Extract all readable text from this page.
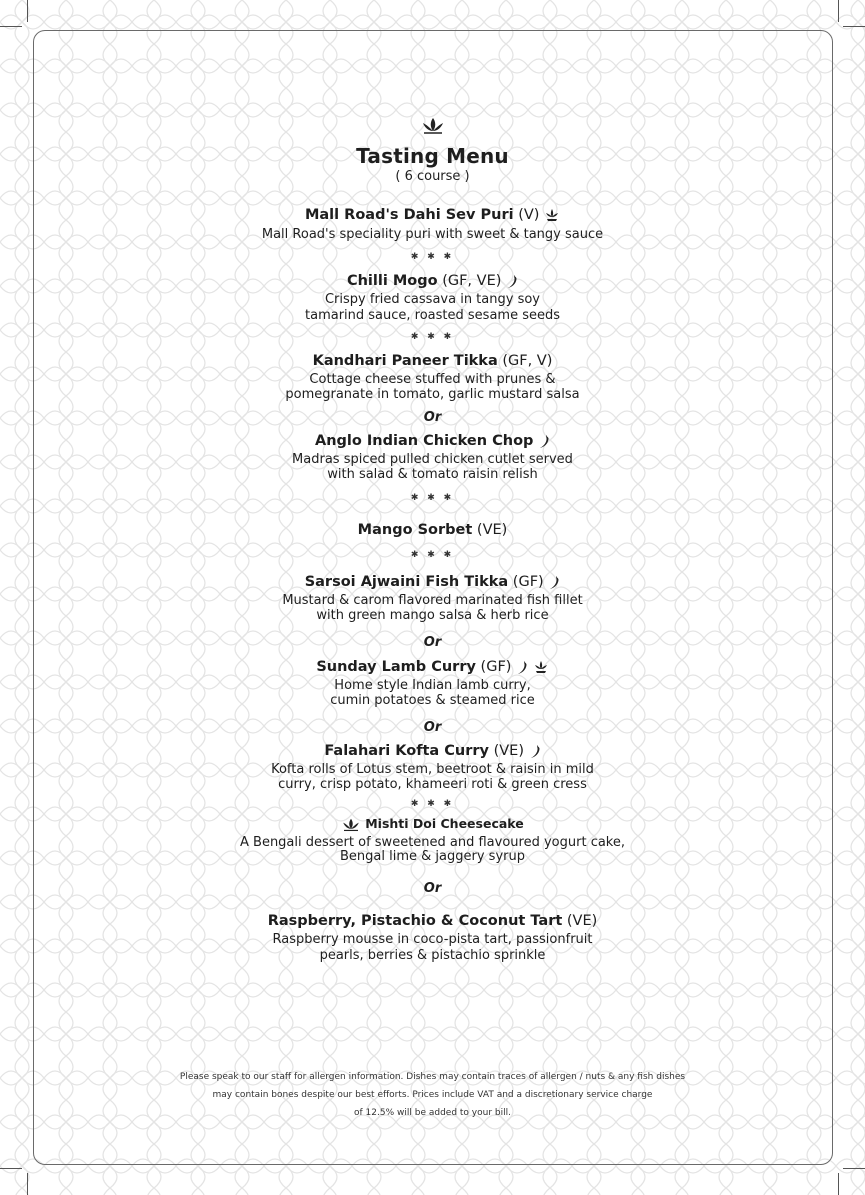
Tasting Menu
( 6 course )
Mall Road's Dahi Sev Puri (V)
Mall Road's speciality puri with sweet & tangy sauce
✱ ✱ ✱
Chilli Mogo (GF, VE)
Crispy fried cassava in tangy soy
tamarind sauce, roasted sesame seeds
✱ ✱ ✱
Kandhari Paneer Tikka (GF, V)
Cottage cheese stuffed with prunes &
pomegranate in tomato, garlic mustard salsa
Or
Anglo Indian Chicken Chop
Madras spiced pulled chicken cutlet served
with salad & tomato raisin relish
✱ ✱ ✱
Mango Sorbet (VE)
✱ ✱ ✱
Sarsoi Ajwaini Fish Tikka (GF)
Mustard & carom flavored marinated fish fillet
with green mango salsa & herb rice
Or
Sunday Lamb Curry (GF)
Home style Indian lamb curry,
cumin potatoes & steamed rice
Or
Falahari Kofta Curry (VE)
Kofta rolls of Lotus stem, beetroot & raisin in mild
curry, crisp potato, khameeri roti & green cress
✱ ✱ ✱
Mishti Doi Cheesecake
A Bengali dessert of sweetened and flavoured yogurt cake,
Bengal lime & jaggery syrup
Or
Raspberry, Pistachio & Coconut Tart (VE)
Raspberry mousse in coco-pista tart, passionfruit
pearls, berries & pistachio sprinkle
Please speak to our staff for allergen information. Dishes may contain traces of allergen / nuts & any fish dishes
may contain bones despite our best efforts. Prices include VAT and a discretionary service charge
of 12.5% will be added to your bill.
